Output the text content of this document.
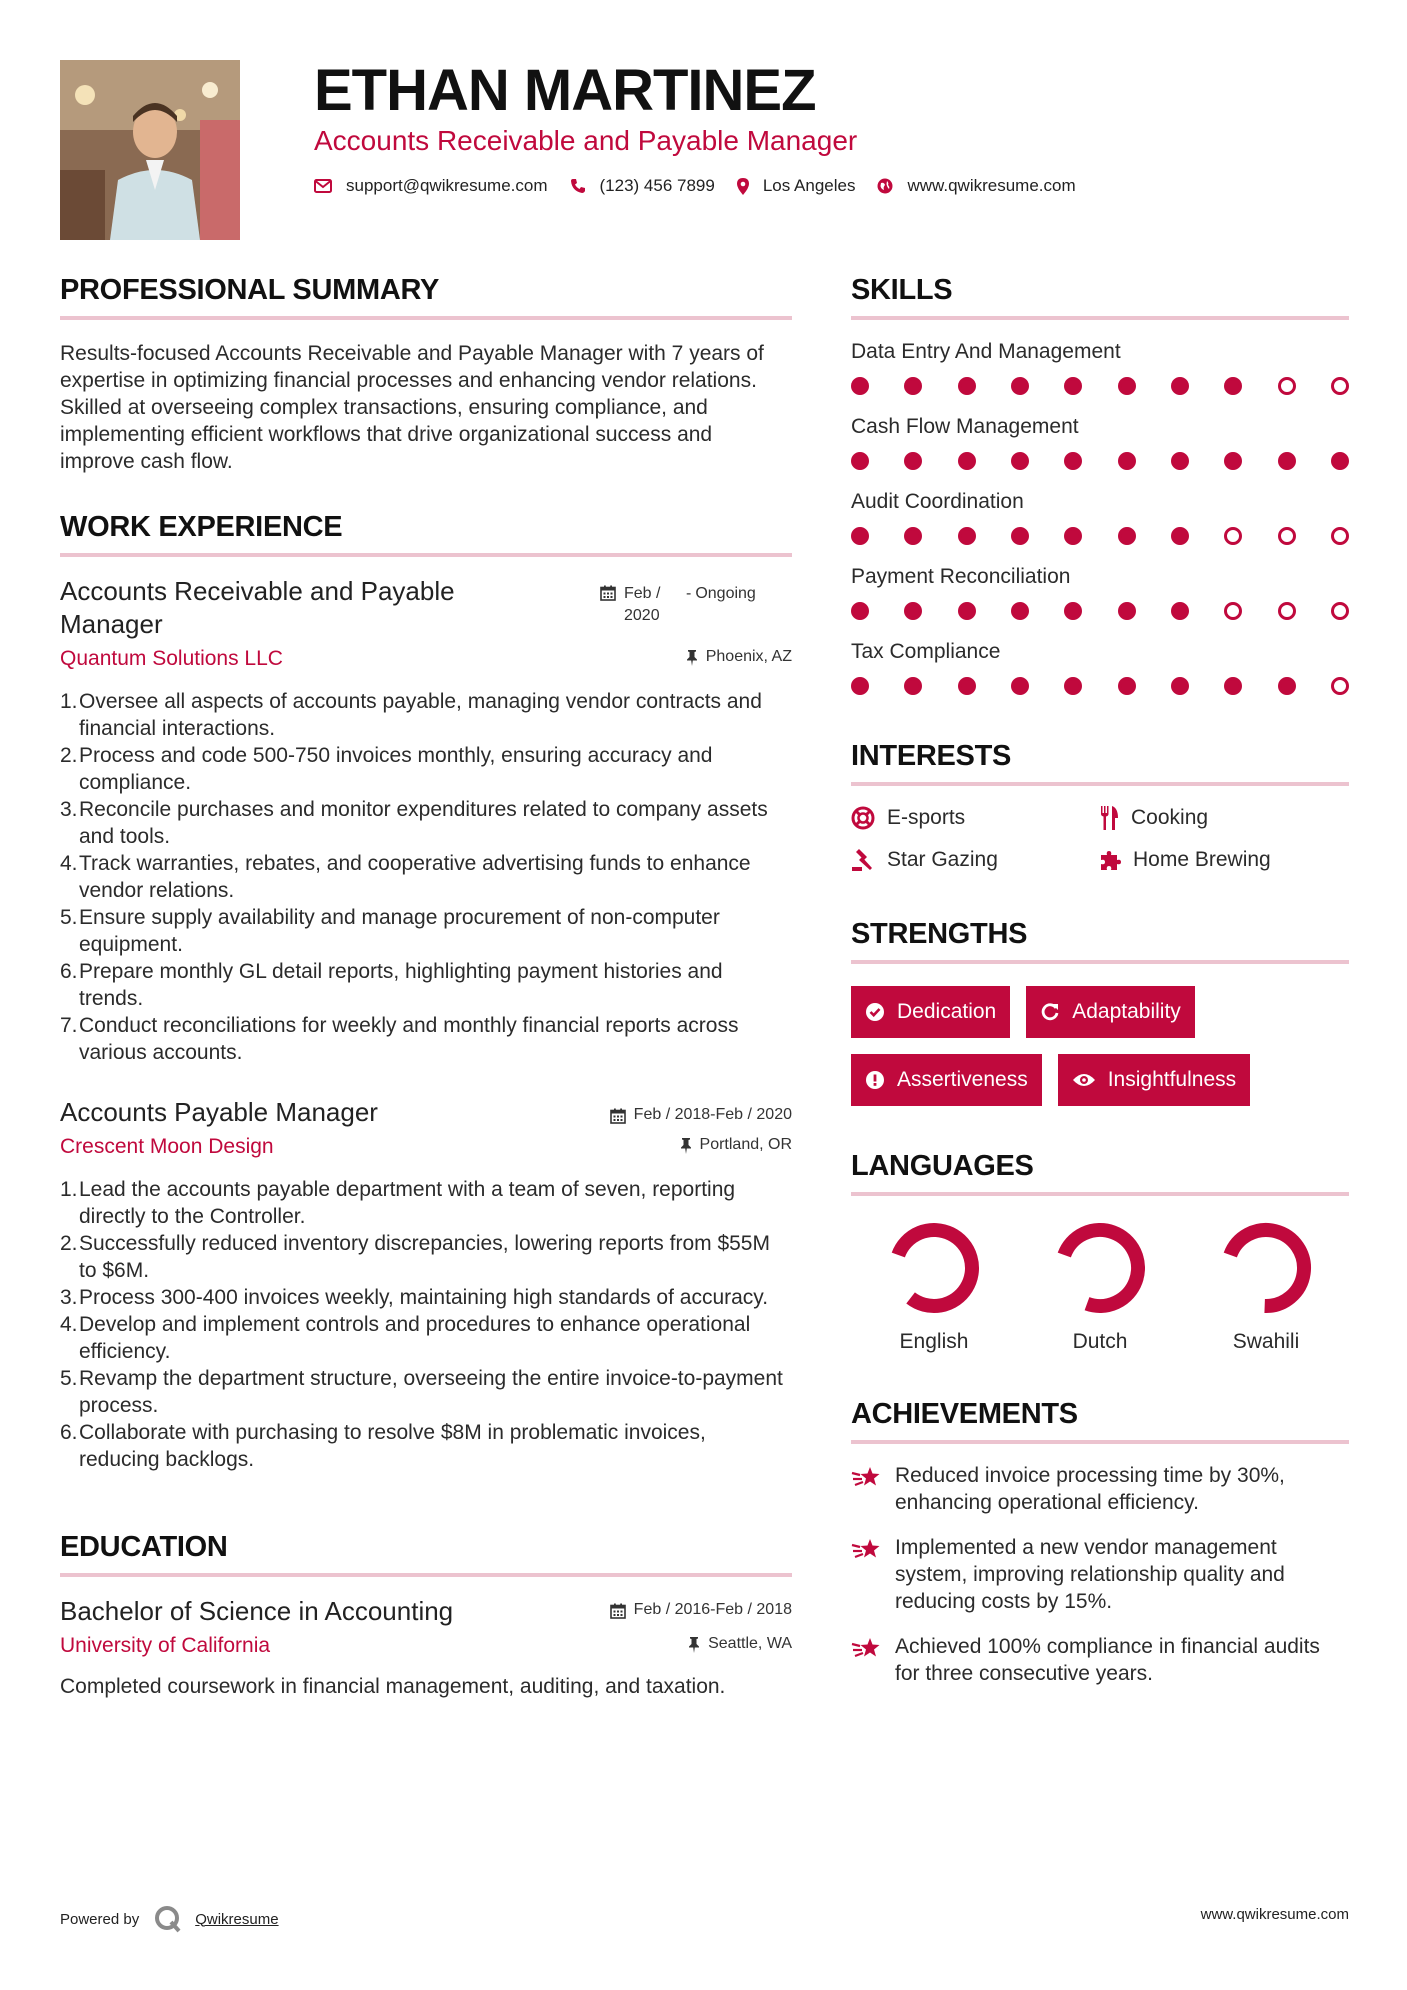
ETHAN MARTINEZ
Accounts Receivable and Payable Manager
support@qwikresume.com	(123) 456 7899	Los Angeles	www.qwikresume.com
PROFESSIONAL SUMMARY
Results-focused Accounts Receivable and Payable Manager with 7 years of expertise in optimizing financial processes and enhancing vendor relations. Skilled at overseeing complex transactions, ensuring compliance, and implementing efficient workflows that drive organizational success and improve cash flow.
WORK EXPERIENCE
Accounts Receivable and Payable Manager
Feb / 2020
- Ongoing
Quantum Solutions LLC	Phoenix, AZ
1. Oversee all aspects of accounts payable, managing vendor contracts and financial interactions.
2. Process and code 500-750 invoices monthly, ensuring accuracy and compliance.
3. Reconcile purchases and monitor expenditures related to company assets and tools.
4. Track warranties, rebates, and cooperative advertising funds to enhance vendor relations.
5. Ensure supply availability and manage procurement of non-computer equipment.
6. Prepare monthly GL detail reports, highlighting payment histories and trends.
7. Conduct reconciliations for weekly and monthly financial reports across various accounts.
Accounts Payable Manager	Feb / 2018-Feb / 2020
Crescent Moon Design	Portland, OR
1. Lead the accounts payable department with a team of seven, reporting directly to the Controller.
2. Successfully reduced inventory discrepancies, lowering reports from $55M to $6M.
3. Process 300-400 invoices weekly, maintaining high standards of accuracy.
4. Develop and implement controls and procedures to enhance operational efficiency.
5. Revamp the department structure, overseeing the entire invoice-to-payment process.
6. Collaborate with purchasing to resolve $8M in problematic invoices, reducing backlogs.
EDUCATION
Bachelor of Science in Accounting	Feb / 2016-Feb / 2018
University of California	Seattle, WA
Completed coursework in financial management, auditing, and taxation.
SKILLS
Data Entry And Management
Cash Flow Management
Audit Coordination
Payment Reconciliation
Tax Compliance
INTERESTS
E-sports	Cooking
Star Gazing	Home Brewing
STRENGTHS
Dedication	Adaptability
Assertiveness	Insightfulness
LANGUAGES
English	Dutch	Swahili
ACHIEVEMENTS
Reduced invoice processing time by 30%, enhancing operational efficiency.
Implemented a new vendor management system, improving relationship quality and reducing costs by 15%.
Achieved 100% compliance in financial audits for three consecutive years.
Powered by	Qwikresume	www.qwikresume.com
